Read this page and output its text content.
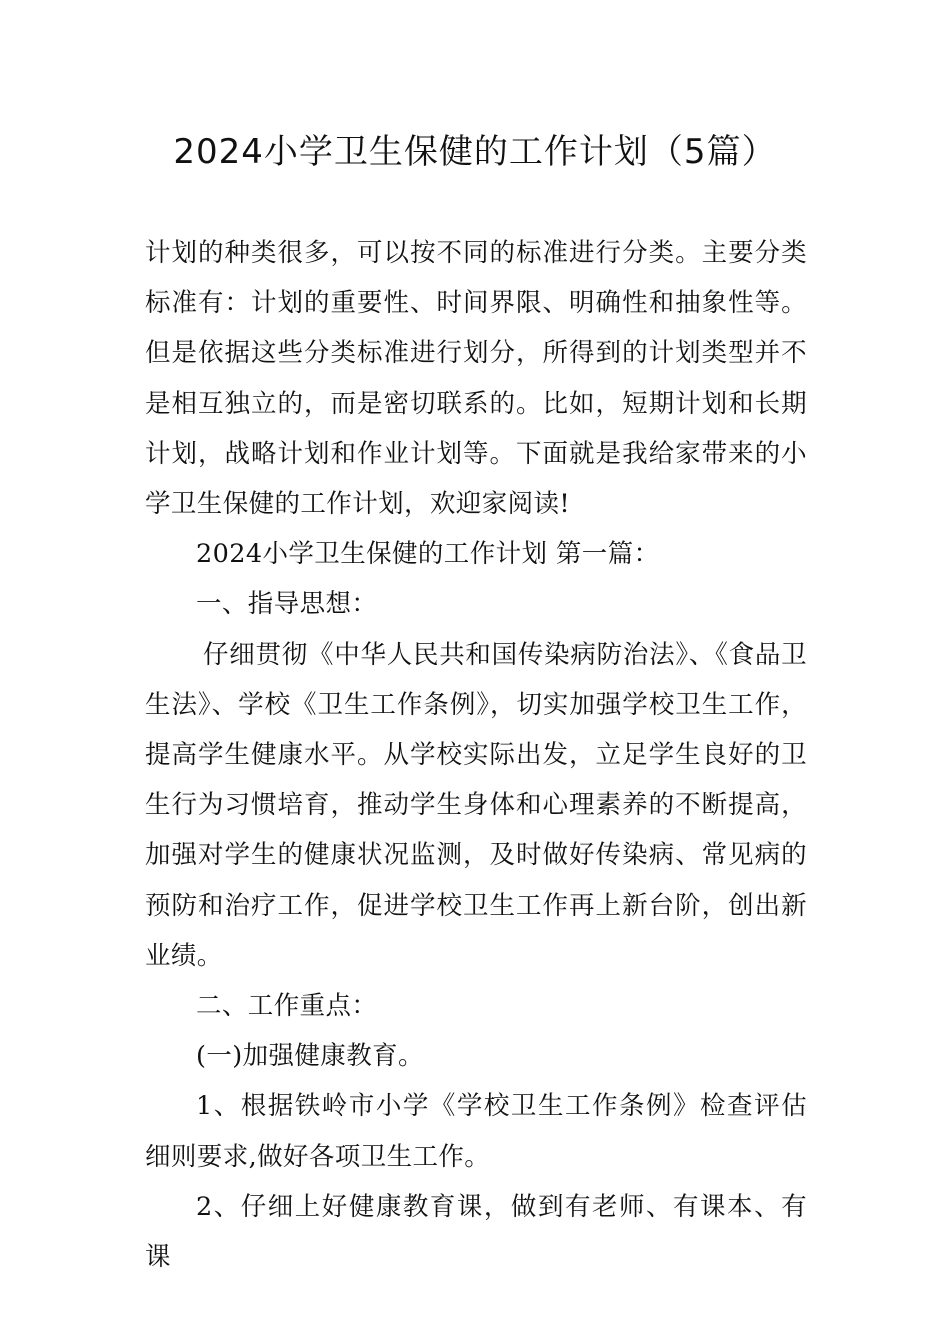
2024小学卫生保健的工作计划（5篇）

计划的种类很多，可以按不同的标准进行分类。主要分类标准有：计划的重要性、时间界限、明确性和抽象性等。但是依据这些分类标准进行划分，所得到的计划类型并不是相互独立的，而是密切联系的。比如，短期计划和长期计划，战略计划和作业计划等。下面就是我给家带来的小学卫生保健的工作计划，欢迎家阅读!

2024小学卫生保健的工作计划 第一篇：

一、指导思想：

仔细贯彻《中华人民共和国传染病防治法》、《食品卫生法》、学校《卫生工作条例》，切实加强学校卫生工作，提高学生健康水平。从学校实际出发，立足学生良好的卫生行为习惯培育，推动学生身体和心理素养的不断提高，加强对学生的健康状况监测，及时做好传染病、常见病的预防和治疗工作，促进学校卫生工作再上新台阶，创出新业绩。

二、工作重点：

(一)加强健康教育。

1、根据铁岭市小学《学校卫生工作条例》检查评估细则要求,做好各项卫生工作。

2、仔细上好健康教育课，做到有老师、有课本、有课
